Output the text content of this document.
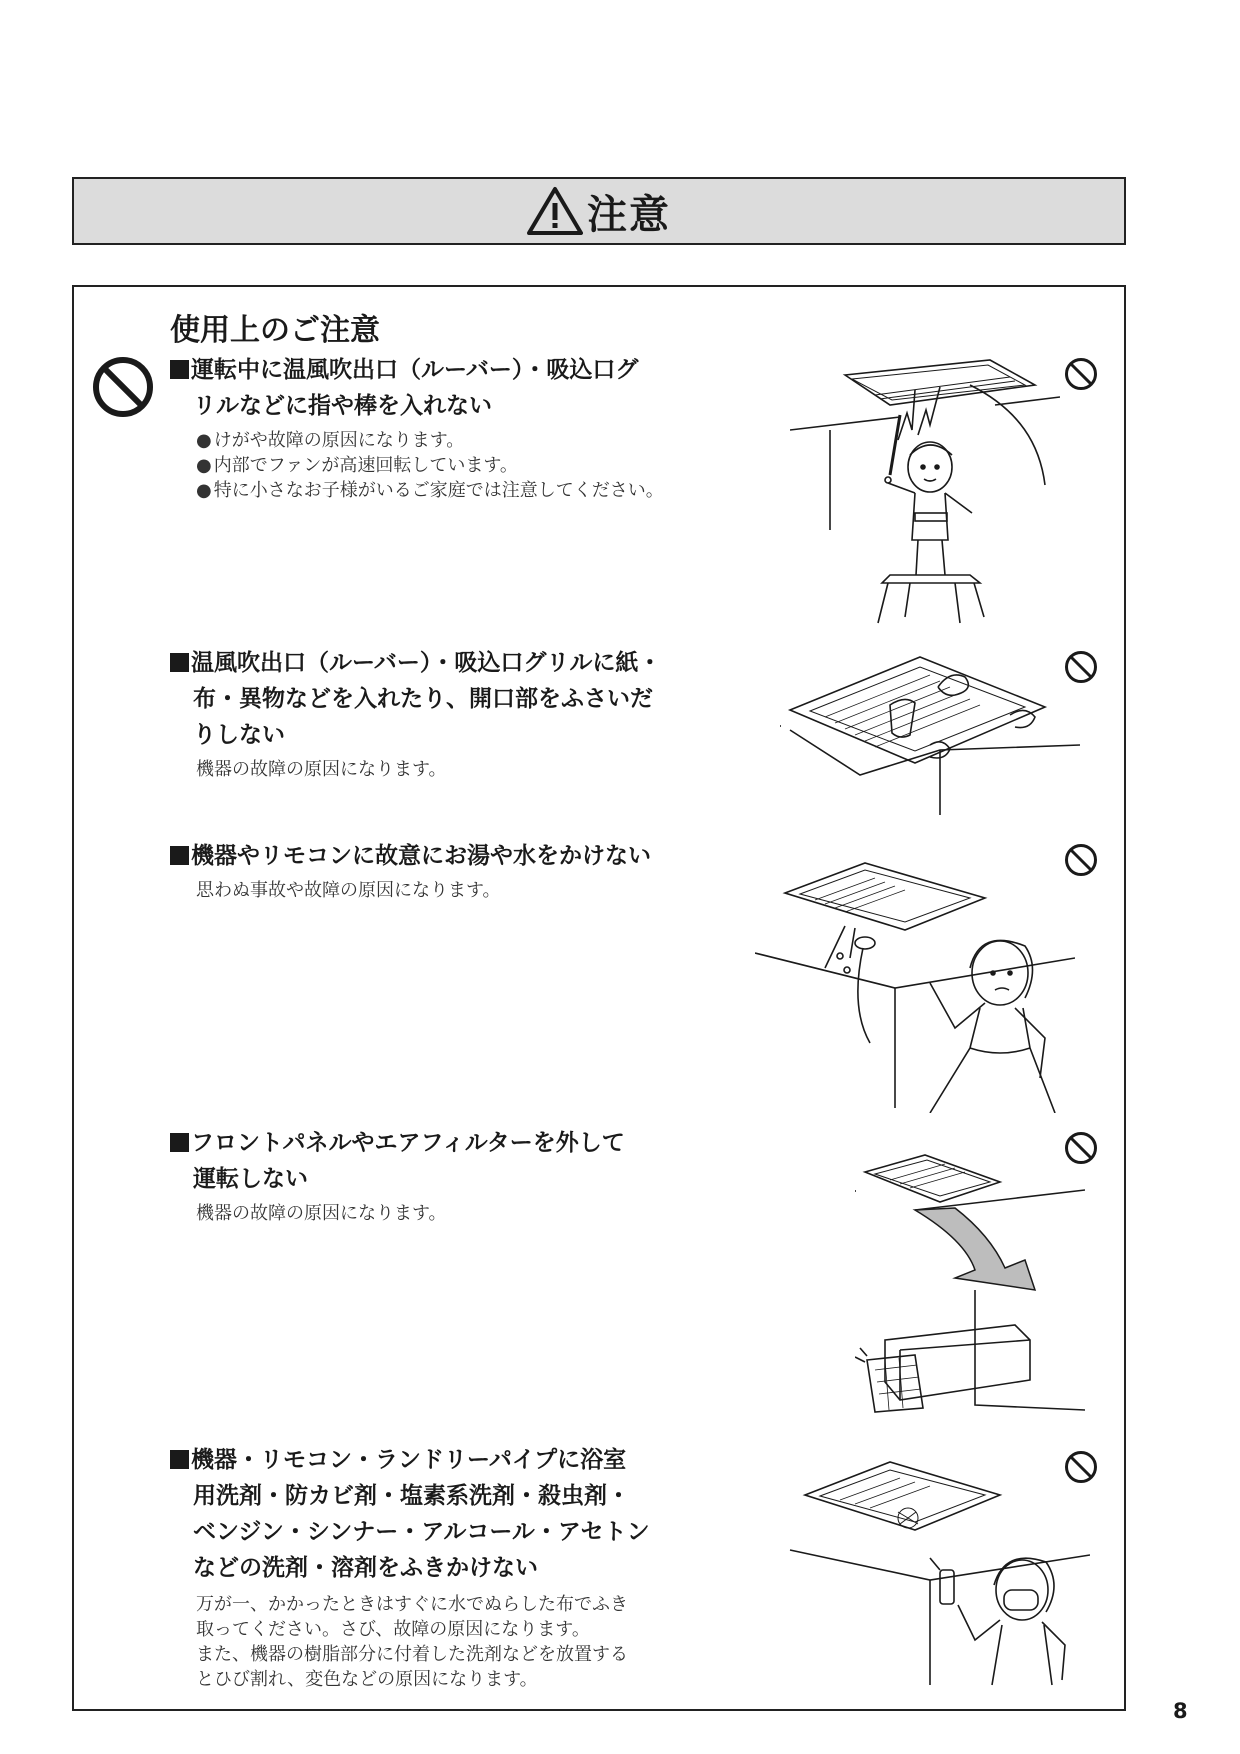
注意
使用上のご注意

運転中に温風吹出口（ルーバー）・吸込口グ
リルなどに指や棒を入れない

● けがや故障の原因になります。

● 内部でファンが高速回転しています。

● 特に小さなお子様がいるご家庭では注意してください。

温風吹出口（ルーバー）・吸込口グリルに紙・
布・異物などを入れたり、開口部をふさいだ
りしない

機器の故障の原因になります。

機器やリモコンに故意にお湯や水をかけない

思わぬ事故や故障の原因になります。

フロントパネルやエアフィルターを外して
運転しない

機器の故障の原因になります。

機器・リモコン・ランドリーパイプに浴室
用洗剤・防カビ剤・塩素系洗剤・殺虫剤・
ベンジン・シンナー・アルコール・アセトン
などの洗剤・溶剤をふきかけない

万が一、かかったときはすぐに水でぬらした布でふき
取ってください。さび、故障の原因になります。
また、機器の樹脂部分に付着した洗剤などを放置する
とひび割れ、変色などの原因になります。
8
